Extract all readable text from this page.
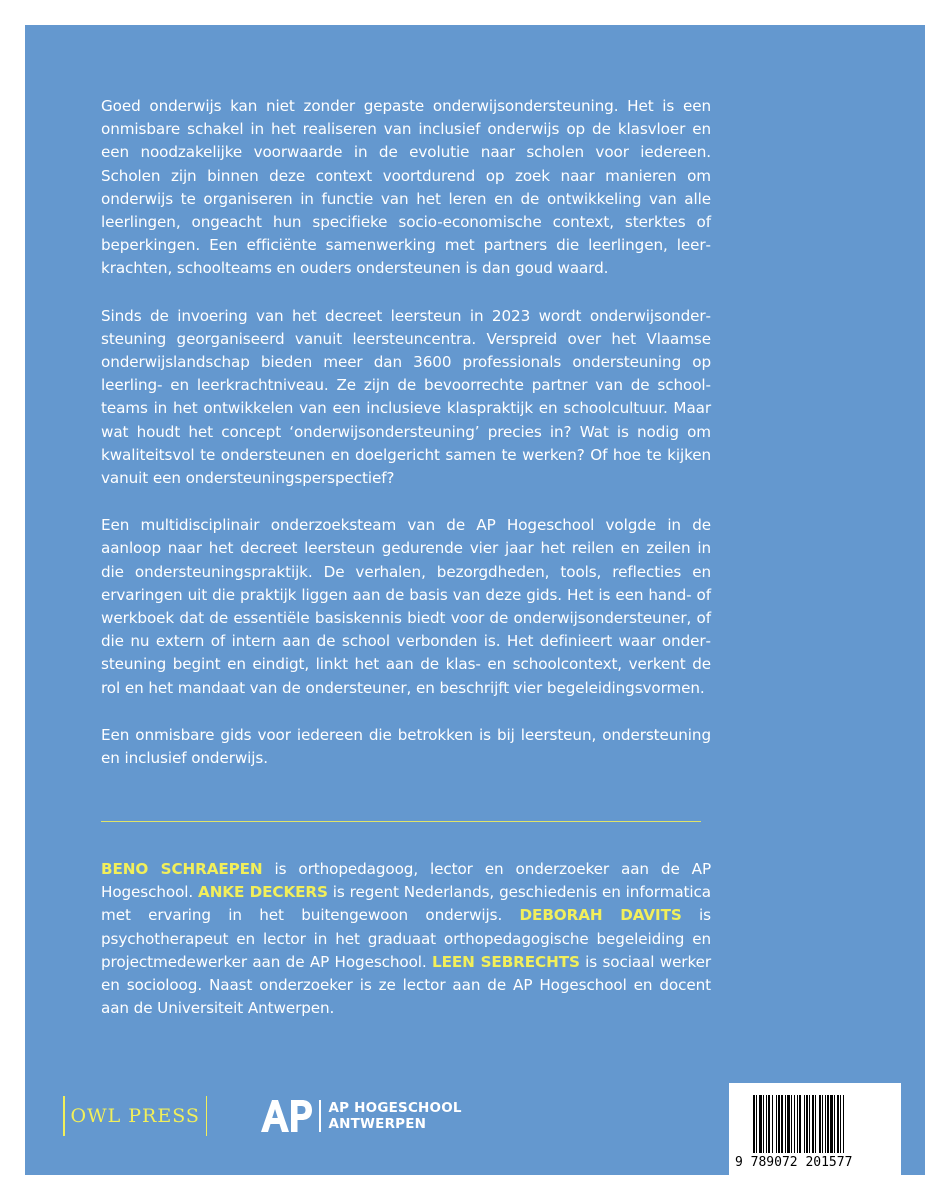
Goed onderwijs kan niet zonder gepaste onderwijsondersteuning. Het is een onmisbare schakel in het realiseren van inclusief onderwijs op de klasvloer en een noodzakelijke voorwaarde in de evolutie naar scholen voor iedereen. Scholen zijn binnen deze context voortdurend op zoek naar manieren om onderwijs te organiseren in functie van het leren en de ontwikkeling van alle leerlingen, ongeacht hun specifieke socio-economische context, sterktes of beperkingen. Een efficiënte samenwerking met partners die leerlingen, leerkrachten, schoolteams en ouders ondersteunen is dan goud waard.

Sinds de invoering van het decreet leersteun in 2023 wordt onderwijsondersteuning georganiseerd vanuit leersteuncentra. Verspreid over het Vlaamse onderwijslandschap bieden meer dan 3600 professionals ondersteuning op leerling- en leerkrachtniveau. Ze zijn de bevoorrechte partner van de schoolteams in het ontwikkelen van een inclusieve klaspraktijk en schoolcultuur. Maar wat houdt het concept ‘onderwijsondersteuning’ precies in? Wat is nodig om kwaliteitsvol te ondersteunen en doelgericht samen te werken? Of hoe te kijken vanuit een ondersteuningsperspectief?

Een multidisciplinair onderzoeksteam van de AP Hogeschool volgde in de aanloop naar het decreet leersteun gedurende vier jaar het reilen en zeilen in die ondersteuningspraktijk. De verhalen, bezorgdheden, tools, reflecties en ervaringen uit die praktijk liggen aan de basis van deze gids. Het is een hand- of werkboek dat de essentiële basiskennis biedt voor de onderwijsondersteuner, of die nu extern of intern aan de school verbonden is. Het definieert waar ondersteuning begint en eindigt, linkt het aan de klas- en schoolcontext, verkent de rol en het mandaat van de ondersteuner, en beschrijft vier begeleidingsvormen.

Een onmisbare gids voor iedereen die betrokken is bij leersteun, ondersteuning en inclusief onderwijs.

BENO SCHRAEPEN is orthopedagoog, lector en onderzoeker aan de AP Hogeschool. ANKE DECKERS is regent Nederlands, geschiedenis en informatica met ervaring in het buitengewoon onderwijs. DEBORAH DAVITS is psychotherapeut en lector in het graduaat orthopedagogische begeleiding en projectmedewerker aan de AP Hogeschool. LEEN SEBRECHTS is sociaal werker en socioloog. Naast onderzoeker is ze lector aan de AP Hogeschool en docent aan de Universiteit Antwerpen.

OWL PRESS	AP HOGESCHOOL
ANTWERPEN
9 789072 201577
